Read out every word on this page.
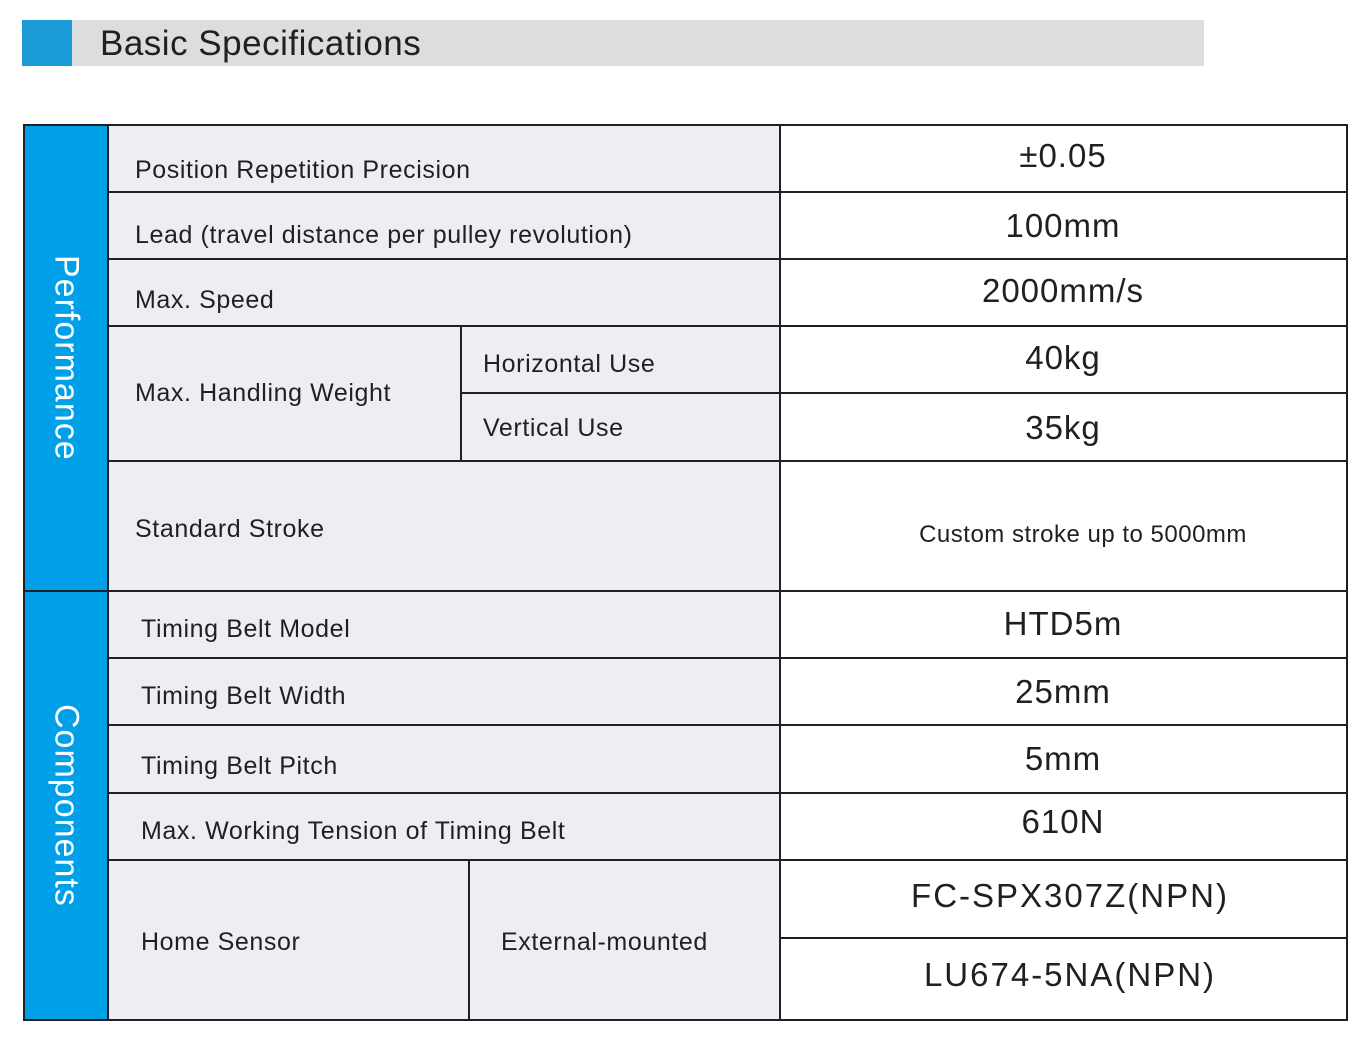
Basic Specifications
Performance
Components
Position Repetition Precision
Lead (travel distance per pulley revolution)
Max. Speed
Max. Handling Weight
Horizontal Use
Vertical Use
Standard Stroke
Timing Belt Model
Timing Belt Width
Timing Belt Pitch
Max. Working Tension of Timing Belt
Home Sensor	External-mounted
±0.05
100mm
2000mm/s
40kg
35kg
Custom stroke up to 5000mm
HTD5m
25mm
5mm
610N
FC-SPX307Z(NPN)
LU674-5NA(NPN)
